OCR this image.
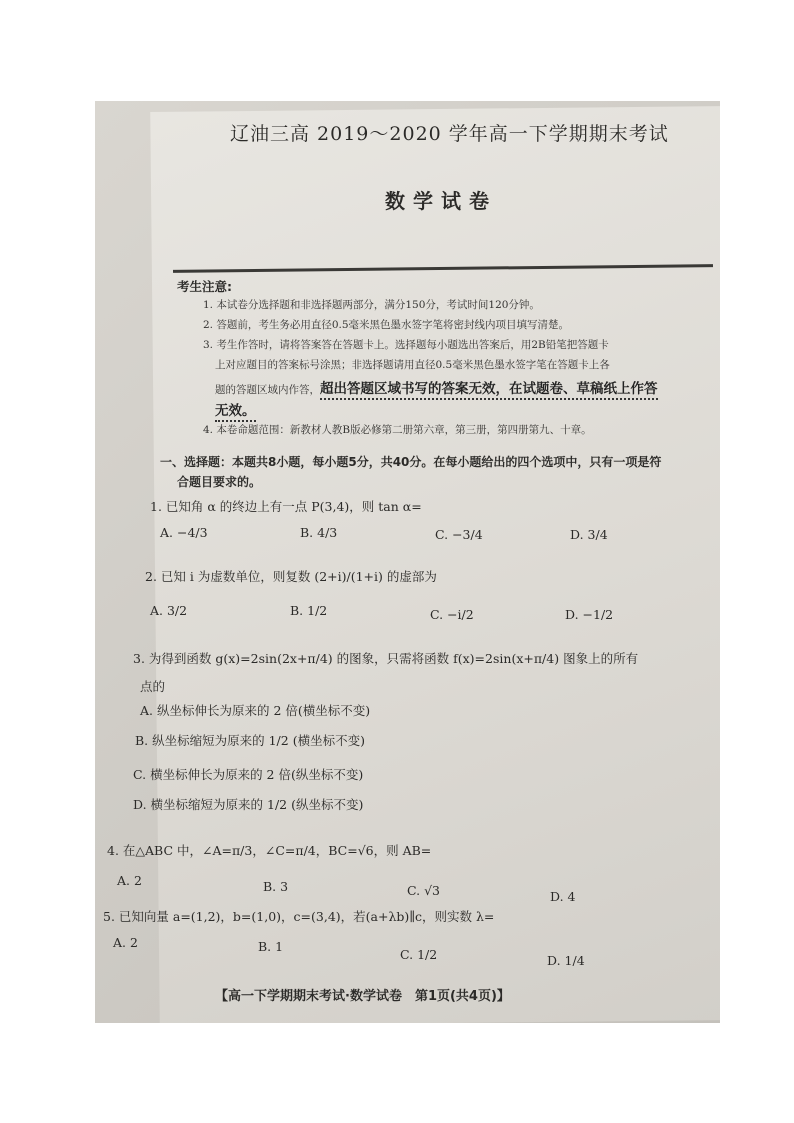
辽油三高 2019～2020 学年高一下学期期末考试
数学试卷
考生注意:
1. 本试卷分选择题和非选择题两部分，满分150分，考试时间120分钟。
2. 答题前，考生务必用直径0.5毫米黑色墨水签字笔将密封线内项目填写清楚。
3. 考生作答时，请将答案答在答题卡上。选择题每小题选出答案后，用2B铅笔把答题卡
上对应题目的答案标号涂黑；非选择题请用直径0.5毫米黑色墨水签字笔在答题卡上各
题的答题区域内作答，超出答题区域书写的答案无效，在试题卷、草稿纸上作答
无效。
4. 本卷命题范围：新教材人教B版必修第二册第六章，第三册，第四册第九、十章。
一、选择题：本题共8小题，每小题5分，共40分。在每小题给出的四个选项中，只有一项是符
合题目要求的。
1. 已知角 α 的终边上有一点 P(3,4)，则 tan α=
A. −4/3	B. 4/3	C. −3/4	D. 3/4
2. 已知 i 为虚数单位，则复数 (2+i)/(1+i) 的虚部为
A. 3/2	B. 1/2	C. −i/2	D. −1/2
3. 为得到函数 g(x)=2sin(2x+π/4) 的图象，只需将函数 f(x)=2sin(x+π/4) 图象上的所有
点的
A. 纵坐标伸长为原来的 2 倍(横坐标不变)
B. 纵坐标缩短为原来的 1/2 (横坐标不变)
C. 横坐标伸长为原来的 2 倍(纵坐标不变)
D. 横坐标缩短为原来的 1/2 (纵坐标不变)
4. 在△ABC 中，∠A=π/3，∠C=π/4，BC=√6，则 AB=
A. 2	B. 3	C. √3	D. 4
5. 已知向量 a=(1,2)，b=(1,0)，c=(3,4)，若(a+λb)∥c，则实数 λ=
A. 2	B. 1
C. 1/2	D. 1/4
【高一下学期期末考试·数学试卷　第1页(共4页)】
